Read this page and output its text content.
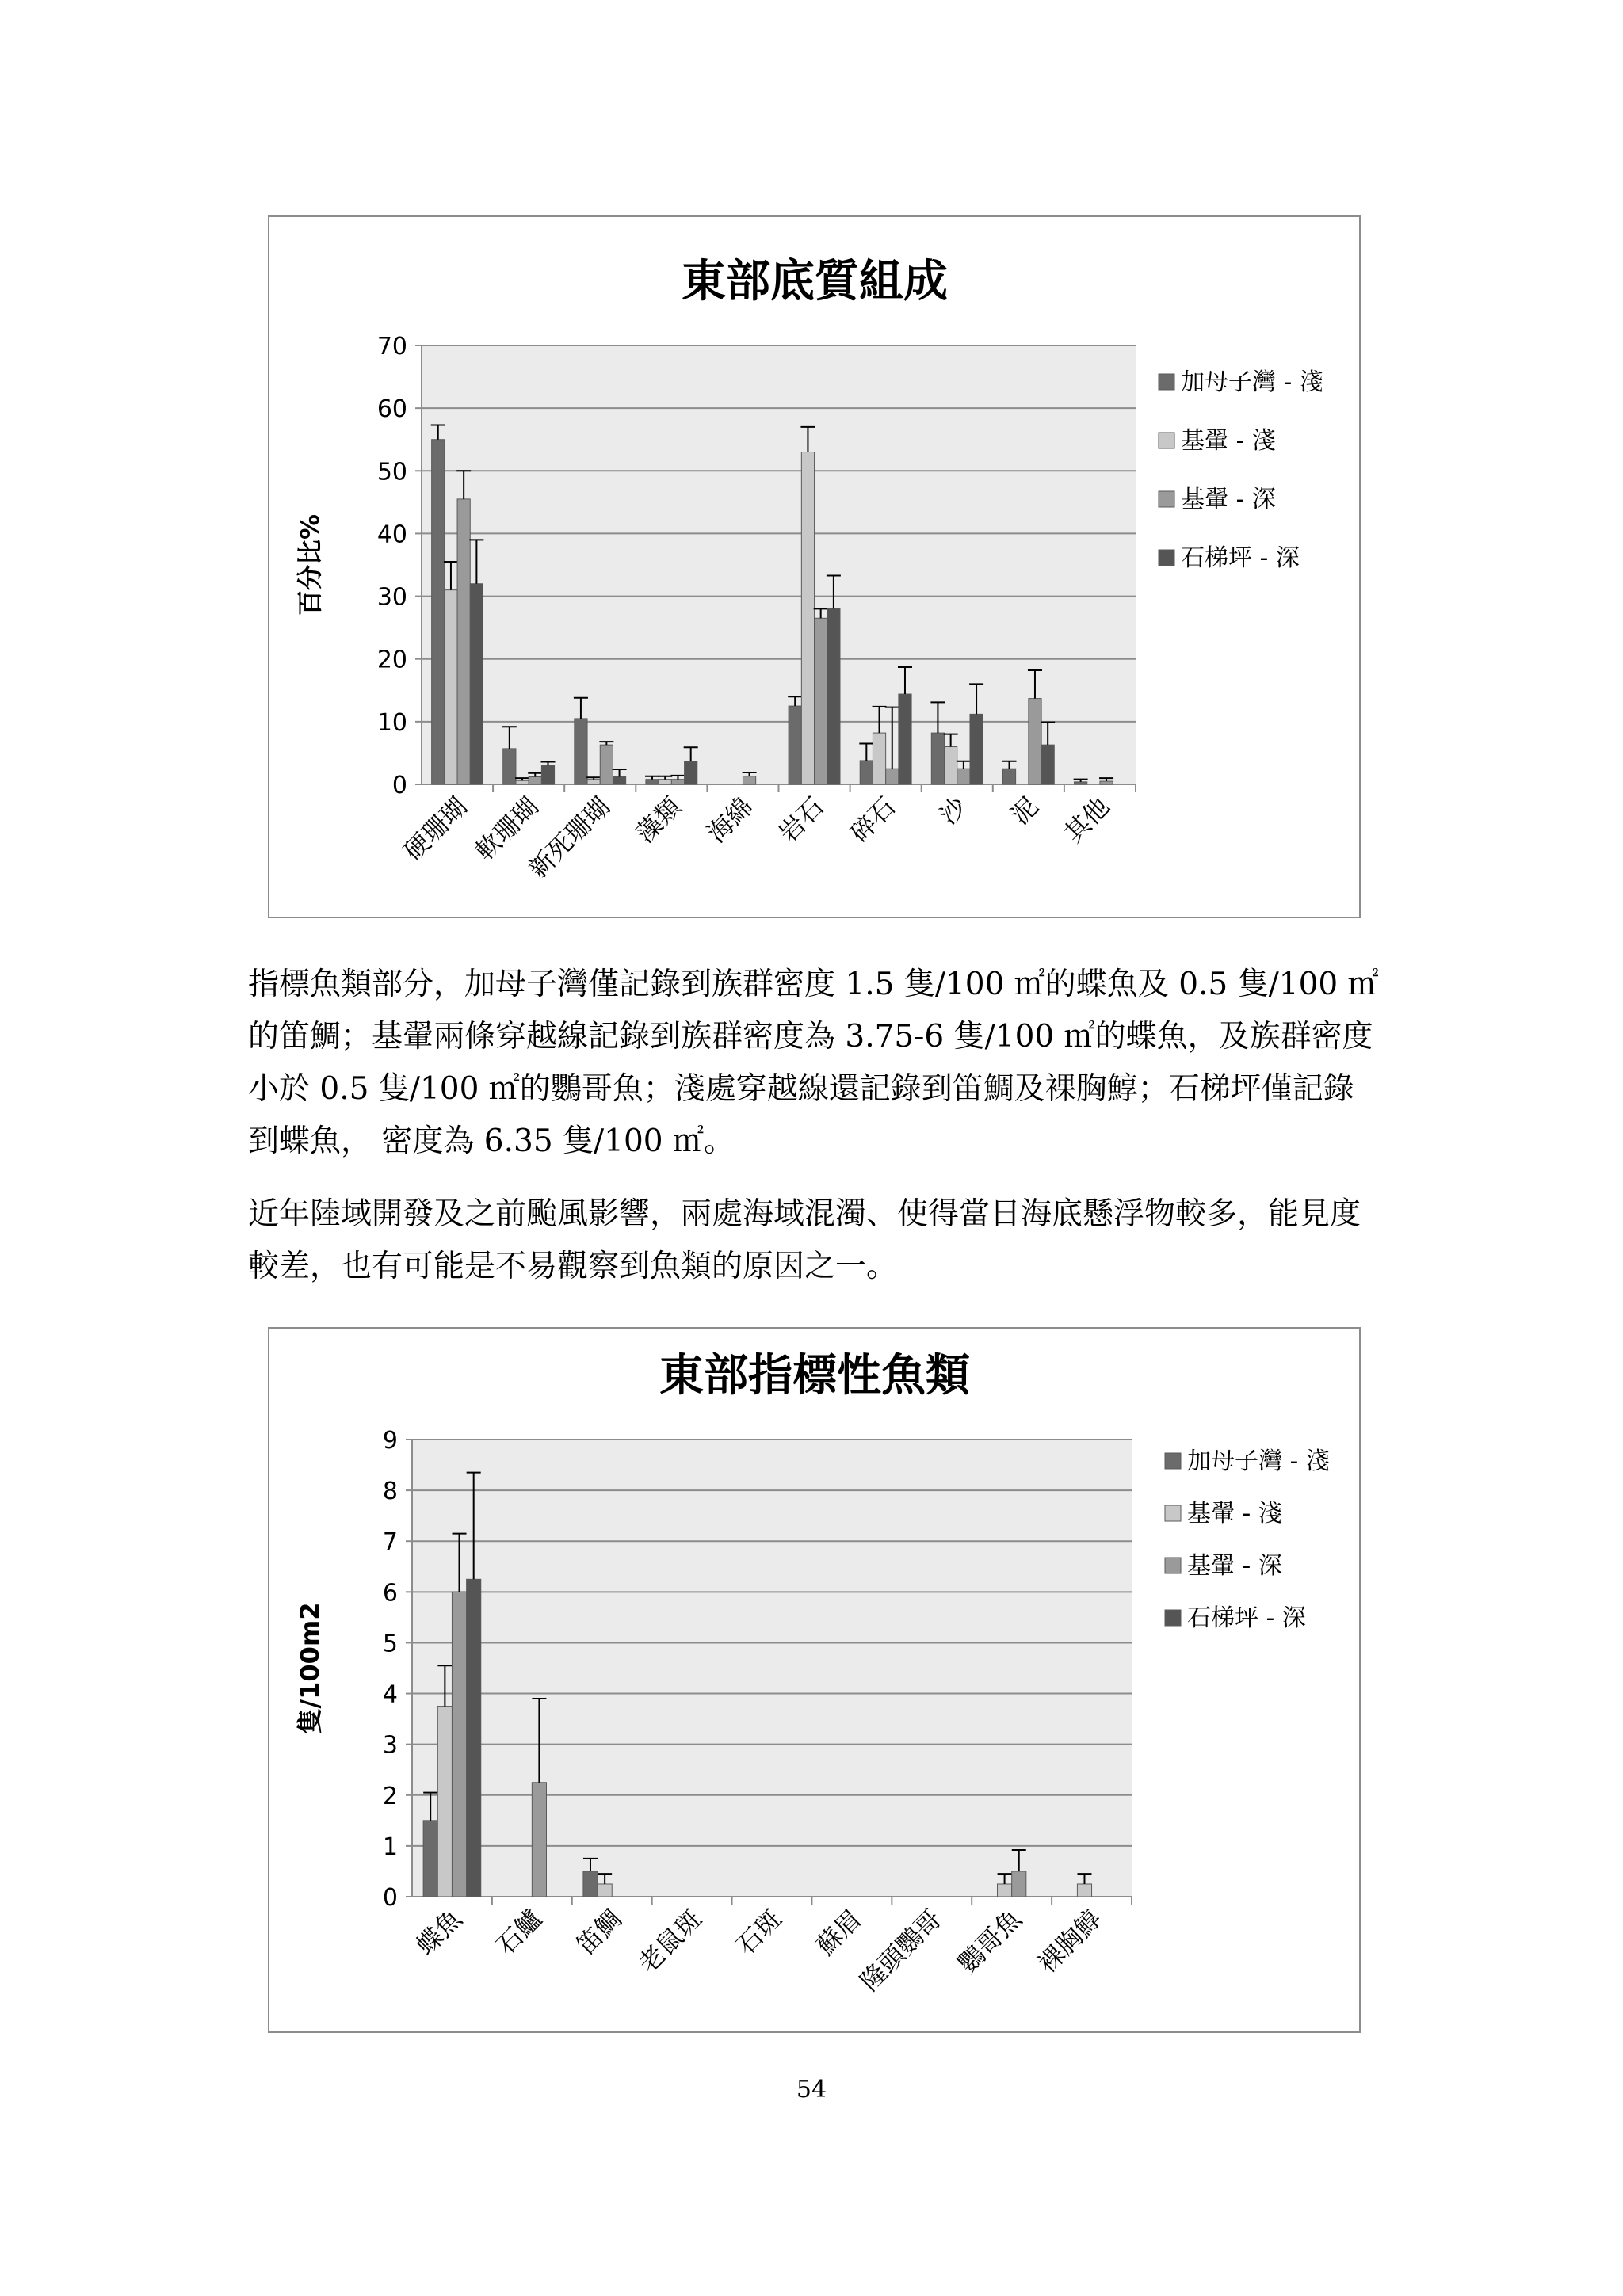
東部底質組成
0
10
20
30
40
50
60
70
百分比%
硬珊瑚
軟珊瑚
新死珊瑚 藻類 海綿 岩石 碎石 沙 泥 其他
加母子灣 - 淺
基翬 - 淺
基翬 - 深
石梯坪 - 深

指標魚類部分，加母子灣僅記錄到族群密度 1.5 隻/100 ㎡的蝶魚及 0.5 隻/100 ㎡的笛鯛；基翬兩條穿越線記錄到族群密度為 3.75-6 隻/100 ㎡的蝶魚，及族群密度小於 0.5 隻/100 ㎡的鸚哥魚；淺處穿越線還記錄到笛鯛及裸胸鯙；石梯坪僅記錄到蝶魚， 密度為 6.35 隻/100 ㎡。

近年陸域開發及之前颱風影響，兩處海域混濁、使得當日海底懸浮物較多，能見度較差，也有可能是不易觀察到魚類的原因之一。

東部指標性魚類
0
1
2
3
4
5
6
7
8
9
隻/100m2
蝶魚 石鱸 笛鯛 老鼠斑 石斑 蘇眉
隆頭鸚哥 鸚哥魚 裸胸鯙
加母子灣 - 淺
基翬 - 淺
基翬 - 深
石梯坪 - 深
54
